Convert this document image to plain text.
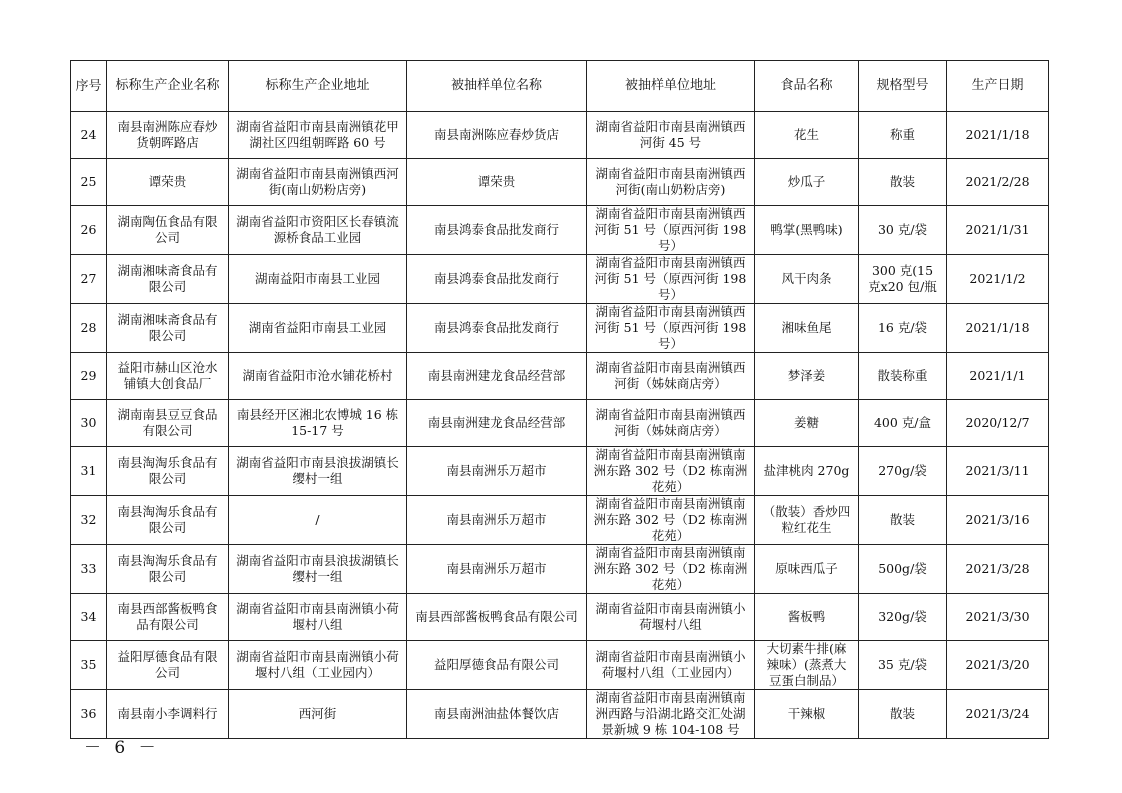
序号	标称生产企业名称	标称生产企业地址	被抽样单位名称	被抽样单位地址	食品名称	规格型号	生产日期
24	南县南洲陈应春炒货朝晖路店	湖南省益阳市南县南洲镇花甲湖社区四组朝晖路 60 号	南县南洲陈应春炒货店	湖南省益阳市南县南洲镇西河街 45 号	花生	称重	2021/1/18
25	谭荣贵	湖南省益阳市南县南洲镇西河街(南山奶粉店旁)	谭荣贵	湖南省益阳市南县南洲镇西河街(南山奶粉店旁)	炒瓜子	散装	2021/2/28
26	湖南陶伍食品有限公司	湖南省益阳市资阳区长春镇流源桥食品工业园	南县鸿泰食品批发商行	湖南省益阳市南县南洲镇西河街 51 号（原西河街 198 号）	鸭掌(黑鸭味)	30 克/袋	2021/1/31
27	湖南湘味斋食品有限公司	湖南益阳市南县工业园	南县鸿泰食品批发商行	湖南省益阳市南县南洲镇西河街 51 号（原西河街 198 号）	风干肉条	300 克(15 克x20 包/瓶	2021/1/2
28	湖南湘味斋食品有限公司	湖南省益阳市南县工业园	南县鸿泰食品批发商行	湖南省益阳市南县南洲镇西河街 51 号（原西河街 198 号）	湘味鱼尾	16 克/袋	2021/1/18
29	益阳市赫山区沧水铺镇大创食品厂	湖南省益阳市沧水铺花桥村	南县南洲建龙食品经营部	湖南省益阳市南县南洲镇西河街（姊妹商店旁）	梦泽姜	散装称重	2021/1/1
30	湖南南县豆豆食品有限公司	南县经开区湘北农博城 16 栋 15-17 号	南县南洲建龙食品经营部	湖南省益阳市南县南洲镇西河街（姊妹商店旁）	姜糖	400 克/盒	2020/12/7
31	南县淘淘乐食品有限公司	湖南省益阳市南县浪拔湖镇长缨村一组	南县南洲乐万超市	湖南省益阳市南县南洲镇南洲东路 302 号（D2 栋南洲花苑）	盐津桃肉 270g	270g/袋	2021/3/11
32	南县淘淘乐食品有限公司	/	南县南洲乐万超市	湖南省益阳市南县南洲镇南洲东路 302 号（D2 栋南洲花苑）	（散装）香炒四粒红花生	散装	2021/3/16
33	南县淘淘乐食品有限公司	湖南省益阳市南县浪拔湖镇长缨村一组	南县南洲乐万超市	湖南省益阳市南县南洲镇南洲东路 302 号（D2 栋南洲花苑）	原味西瓜子	500g/袋	2021/3/28
34	南县西部酱板鸭食品有限公司	湖南省益阳市南县南洲镇小荷堰村八组	南县西部酱板鸭食品有限公司	湖南省益阳市南县南洲镇小荷堰村八组	酱板鸭	320g/袋	2021/3/30
35	益阳厚德食品有限公司	湖南省益阳市南县南洲镇小荷堰村八组（工业园内）	益阳厚德食品有限公司	湖南省益阳市南县南洲镇小荷堰村八组（工业园内）	大切素牛排(麻辣味）(蒸煮大豆蛋白制品）	35 克/袋	2021/3/20
36	南县南小李调料行	西河街	南县南洲油盐体餐饮店	湖南省益阳市南县南洲镇南洲西路与沿湖北路交汇处湖景新城 9 栋 104-108 号	干辣椒	散装	2021/3/24
－ 6 －
